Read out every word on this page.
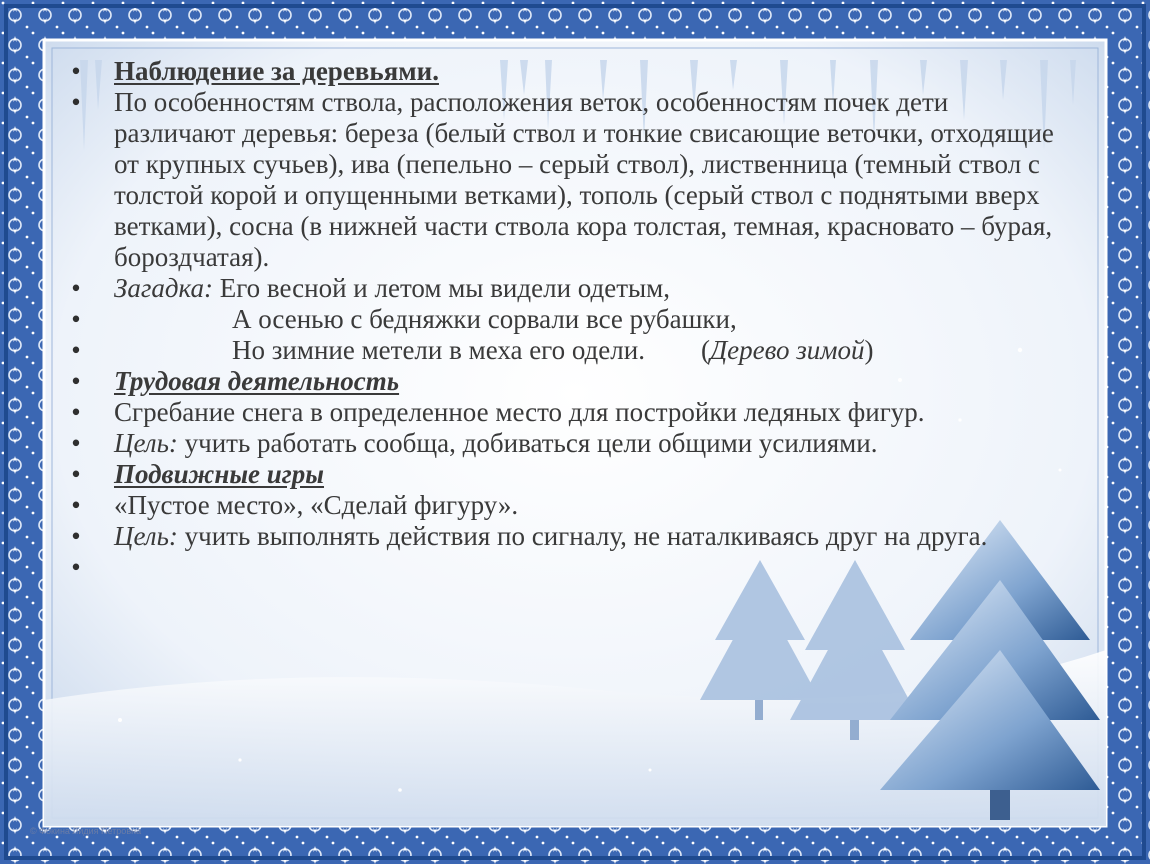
• Наблюдение за деревьями.
• По особенностям ствола, расположения веток, особенностям почек дети различают деревья: береза (белый ствол и тонкие свисающие веточки, отходящие от крупных сучьев), ива (пепельно – серый ствол), лиственница (темный ствол с толстой корой и опущенными ветками), тополь (серый ствол с поднятыми вверх ветками), сосна (в нижней части ствола кора толстая, темная, красновато – бурая, бороздчатая).
• Загадка: Его весной и летом мы видели одетым,
•	А осенью с бедняжки сорвали все рубашки,
•	Но зимние метели в меха его одели. (Дерево зимой)
• Трудовая деятельность
• Сгребание снега в определенное место для постройки ледяных фигур.
• Цель: учить работать сообща, добиваться цели общими усилиями.
• Подвижные игры
• «Пустое место», «Сделай фигуру».
• Цель: учить выполнять действия по сигналу, не наталкиваясь друг на друга.
•

© Фокина Лидия Петровна
